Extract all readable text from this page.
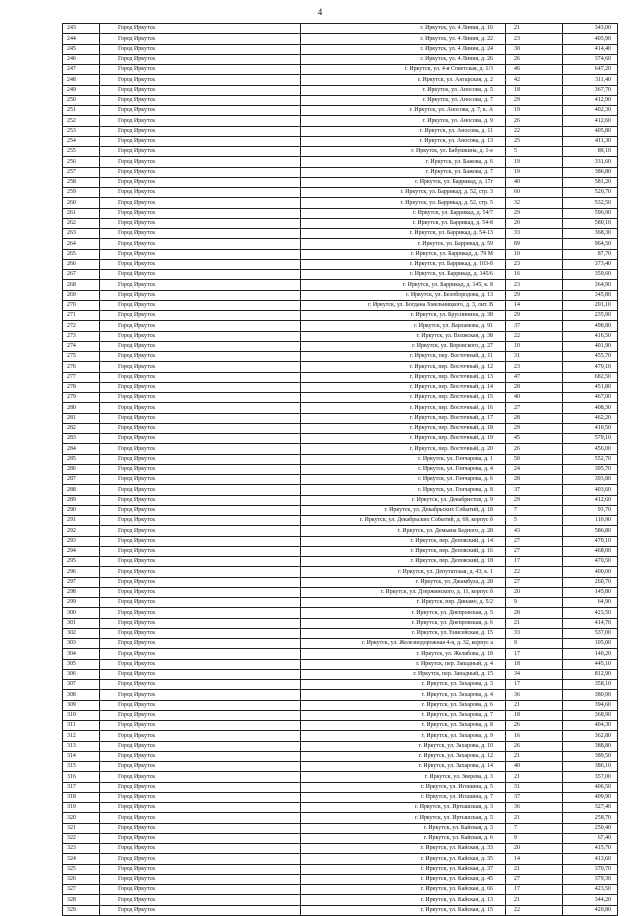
4
243	Город Иркутск	г. Иркутск, ул. 4 Линия, д. 16	21	343,00
244	Город Иркутск	г. Иркутск, ул. 4 Линия, д. 22	23	405,90
245	Город Иркутск	г. Иркутск, ул. 4 Линия, д. 24	30	414,40
246	Город Иркутск	г. Иркутск, ул. 4 Линия, д. 26	26	374,60
247	Город Иркутск	г. Иркутск, ул. 4-я Советская, д. 1/3	46	647,20
248	Город Иркутск	г. Иркутск, ул. Ангарская, д. 2	42	311,40
249	Город Иркутск	г. Иркутск, ул. Аносова, д. 5	18	367,70
250	Город Иркутск	г. Иркутск, ул. Аносова, д. 7	29	412,90
251	Город Иркутск	г. Иркутск, ул. Аносова, д. 7, к. А	19	402,30
252	Город Иркутск	г. Иркутск, ул. Аносова, д. 9	26	412,60
253	Город Иркутск	г. Иркутск, ул. Аносова, д. 11	22	405,80
254	Город Иркутск	г. Иркутск, ул. Аносова, д. 13	25	411,30
255	Город Иркутск	г. Иркутск, ул. Бабушкина, д. 1-е	5	89,10
256	Город Иркутск	г. Иркутск, ул. Бажова, д. 6	19	331,60
257	Город Иркутск	г. Иркутск, ул. Бажова, д. 7	19	386,80
258	Город Иркутск	г. Иркутск, ул. Баррикад, д. 17г	40	581,20
259	Город Иркутск	г. Иркутск, ул. Баррикад, д. 52, стр. 3	60	520,70
260	Город Иркутск	г. Иркутск, ул. Баррикад, д. 52, стр. 5	32	532,50
261	Город Иркутск	г. Иркутск, ул. Баррикад, д. 54/7	29	596,90
262	Город Иркутск	г. Иркутск, ул. Баррикад, д. 54-8	20	580,10
263	Город Иркутск	г. Иркутск, ул. Баррикад, д. 54-13	33	368,30
264	Город Иркутск	г. Иркутск, ул. Баррикад, д. 59	89	964,50
265	Город Иркутск	г. Иркутск, ул. Баррикад, д. 79 М	10	87,70
266	Город Иркутск	г. Иркутск, ул. Баррикад, д. 103-б	23	373,40
267	Город Иркутск	г. Иркутск, ул. Баррикад, д. 145/6	16	359,60
268	Город Иркутск	г. Иркутск, ул. Баррикад, д. 145, к. 8	23	364,90
269	Город Иркутск	г. Иркутск, ул. Белобородова, д. 13	29	345,80
270	Город Иркутск	г. Иркутск, ул. Богдана Хмельницкого, д. 3, лит. В	14	201,10
271	Город Иркутск	г. Иркутск, ул. Бруснинина, д. 38	29	235,90
272	Город Иркутск	г. Иркутск, ул. Варламова, д. 91	37	498,80
273	Город Иркутск	г. Иркутск, ул. Волжская, д. 38	22	416,50
274	Город Иркутск	г. Иркутск, ул. Воровского, д. 27	10	401,90
275	Город Иркутск	г. Иркутск, пер. Восточный, д. 11	31	455,70
276	Город Иркутск	г. Иркутск, пер. Восточный, д. 12	23	479,10
277	Город Иркутск	г. Иркутск, пер. Восточный, д. 13	47	682,50
278	Город Иркутск	г. Иркутск, пер. Восточный, д. 14	28	451,80
279	Город Иркутск	г. Иркутск, пер. Восточный, д. 15	40	467,00
280	Город Иркутск	г. Иркутск, пер. Восточный, д. 16	27	408,30
281	Город Иркутск	г. Иркутск, пер. Восточный, д. 17	28	462,20
282	Город Иркутск	г. Иркутск, пер. Восточный, д. 18	29	410,50
283	Город Иркутск	г. Иркутск, пер. Восточный, д. 19	45	579,10
284	Город Иркутск	г. Иркутск, пер. Восточный, д. 20	26	456,00
285	Город Иркутск	г. Иркутск, ул. Гончарова, д. 1	50	552,70
286	Город Иркутск	г. Иркутск, ул. Гончарова, д. 4	24	395,70
287	Город Иркутск	г. Иркутск, ул. Гончарова, д. 6	28	393,80
288	Город Иркутск	г. Иркутск, ул. Гончарова, д. 8	37	403,60
289	Город Иркутск	г. Иркутск, ул. Декабристов, д. 9	29	412,60
290	Город Иркутск	г. Иркутск, ул. Декабрьских Событий, д. 18	7	93,70
291	Город Иркутск	г. Иркутск, ул. Декабрьских Событий, д. 69, корпус б	5	110,90
292	Город Иркутск	г. Иркутск, ул. Демьяна Бедного, д. 28	43	586,80
293	Город Иркутск	г. Иркутск, пер. Деповский, д. 14	27	470,10
294	Город Иркутск	г. Иркутск, пер. Деповский, д. 16	27	468,00
295	Город Иркутск	г. Иркутск, пер. Деповский, д. 18	17	470,50
296	Город Иркутск	г. Иркутск, ул. Депутатская, д. 43, к. 1	22	400,00
297	Город Иркутск	г. Иркутск, ул. Джамбула, д. 28	27	260,70
298	Город Иркутск	г. Иркутск, ул. Дзержинского, д. 11, корпус б	20	145,80
299	Город Иркутск	г. Иркутск, пер. Динамо, д. 5/2	9	64,90
300	Город Иркутск	г. Иркутск, ул. Днепровская, д. 5	28	423,50
301	Город Иркутск	г. Иркутск, ул. Днепровская, д. 6	21	414,70
302	Город Иркутск	г. Иркутск, ул. Енисейская, д. 15	33	537,00
303	Город Иркутск	г. Иркутск, ул. Железнодорожная 4-я, д. 32, корпус а	9	105,00
304	Город Иркутск	г. Иркутск, ул. Желябова, д. 18	17	140,20
305	Город Иркутск	г. Иркутск, пер. Западный, д. 4	18	445,10
306	Город Иркутск	г. Иркутск, пер. Западный, д. 15	34	812,90
307	Город Иркутск	г. Иркутск, ул. Захарова, д. 3	17	358,10
308	Город Иркутск	г. Иркутск, ул. Захарова, д. 4	36	380,90
309	Город Иркутск	г. Иркутск, ул. Захарова, д. 6	21	394,60
310	Город Иркутск	г. Иркутск, ул. Захарова, д. 7	18	368,90
311	Город Иркутск	г. Иркутск, ул. Захарова, д. 8	26	404,30
312	Город Иркутск	г. Иркутск, ул. Захарова, д. 9	16	362,80
313	Город Иркутск	г. Иркутск, ул. Захарова, д. 10	26	388,80
314	Город Иркутск	г. Иркутск, ул. Захарова, д. 12	21	389,50
315	Город Иркутск	г. Иркутск, ул. Захарова, д. 14	40	386,10
316	Город Иркутск	г. Иркутск, ул. Зверева, д. 3	21	357,00
317	Город Иркутск	г. Иркутск, ул. Игошина, д. 5	31	406,50
318	Город Иркутск	г. Иркутск, ул. Игошина, д. 7	37	409,90
319	Город Иркутск	г. Иркутск, ул. Иртышская, д. 3	36	327,40
320	Город Иркутск	г. Иркутск, ул. Иртышская, д. 5	21	258,70
321	Город Иркутск	г. Иркутск, ул. Кайская, д. 3	7	250,40
322	Город Иркутск	г. Иркутск, ул. Кайская, д. 6	9	67,40
323	Город Иркутск	г. Иркутск, ул. Кайская, д. 33	20	415,70
324	Город Иркутск	г. Иркутск, ул. Кайская, д. 35	14	413,60
325	Город Иркутск	г. Иркутск, ул. Кайская, д. 37	21	370,70
326	Город Иркутск	г. Иркутск, ул. Кайская, д. 45	27	379,30
327	Город Иркутск	г. Иркутск, ул. Кайская, д. 66	17	423,50
328	Город Иркутск	г. Иркутск, ул. Кайская, д. 13	21	344,20
329	Город Иркутск	г. Иркутск, ул. Кайская, д. 15	22	420,80
